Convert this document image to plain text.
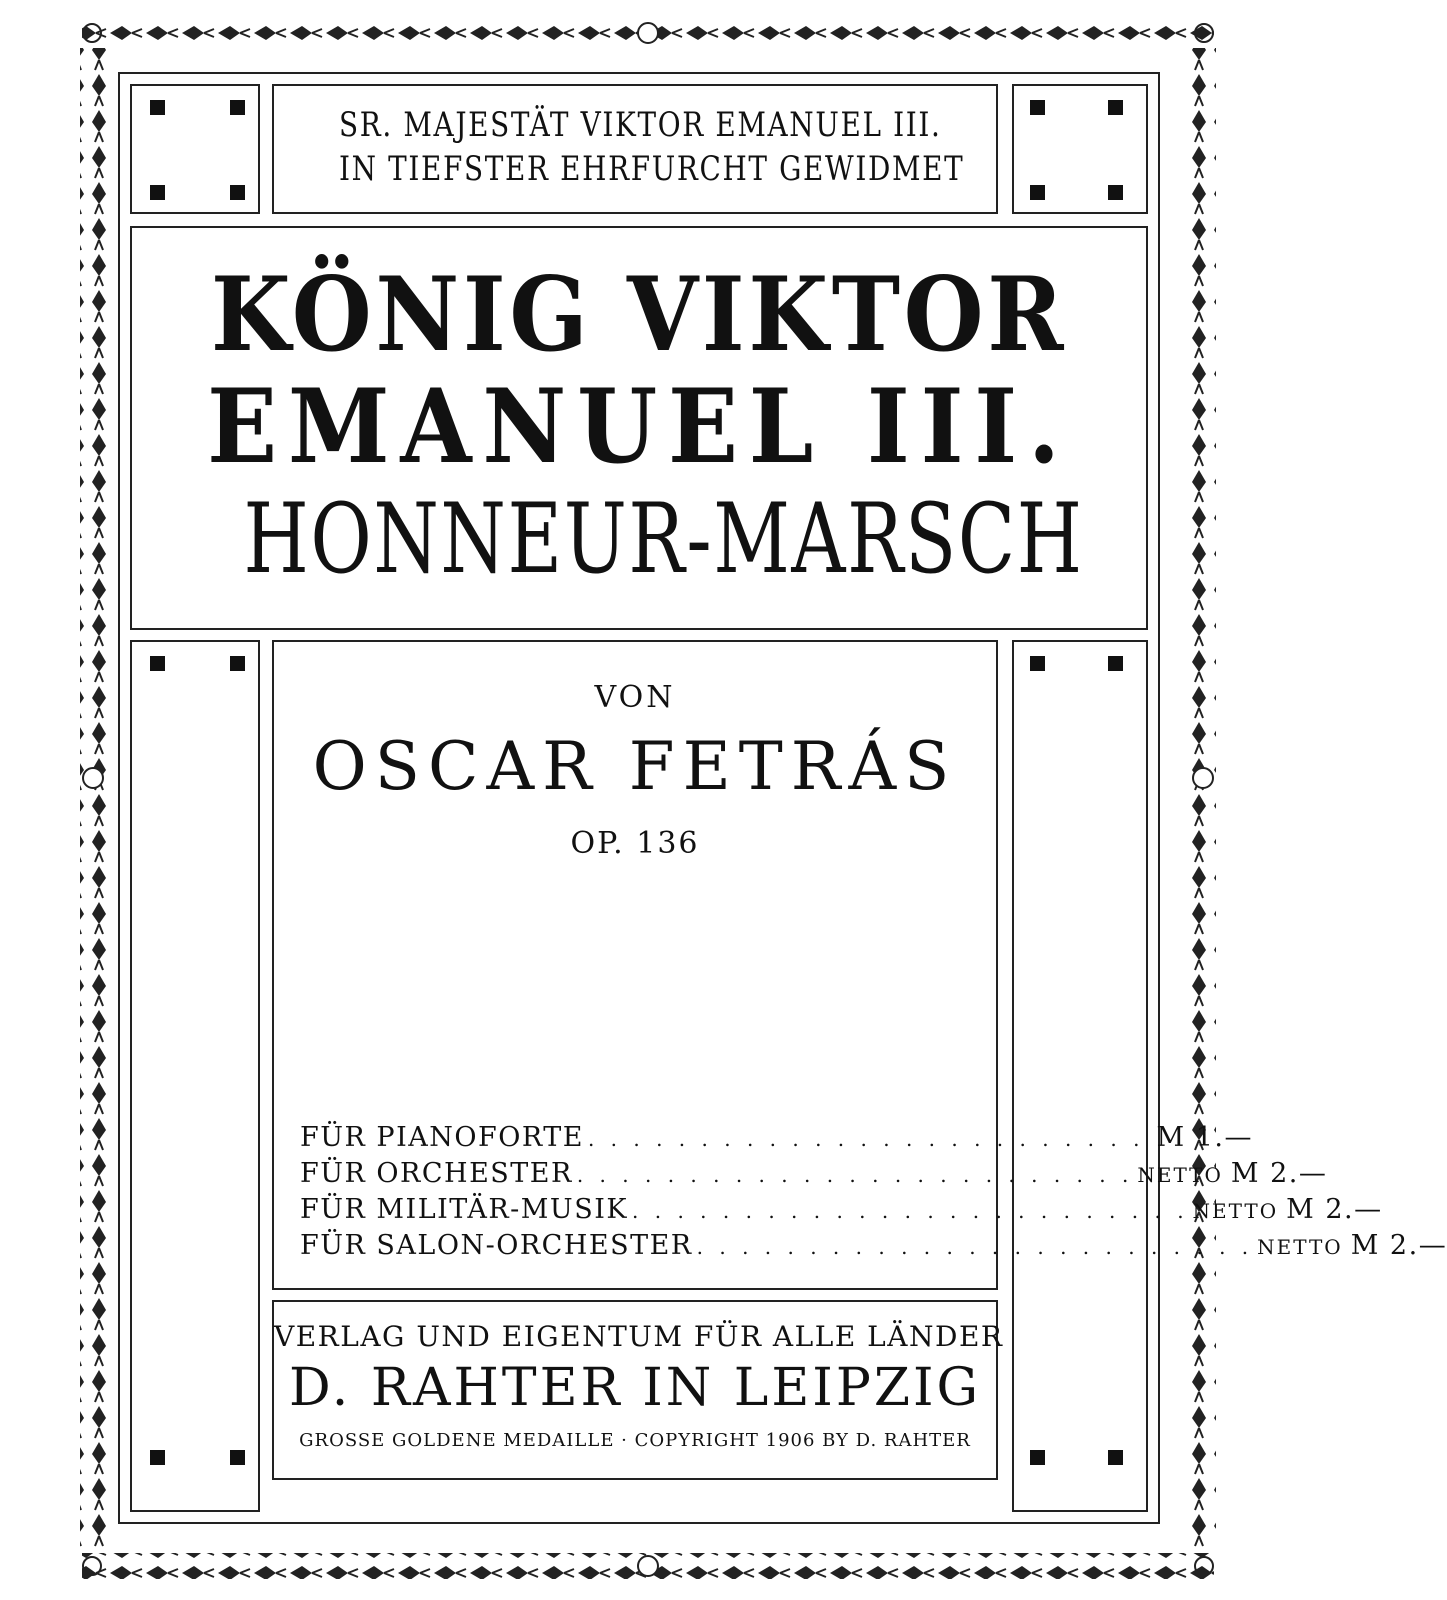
SR. MAJESTÄT VIKTOR EMANUEL III.
IN TIEFSTER EHRFURCHT GEWIDMET
KÖNIG VIKTOR
EMANUEL III.
HONNEUR-MARSCH
VON
OSCAR FETRÁS
OP. 136
FÜR PIANOFORTE . . . . . . . . . . . . . . . . . . . . . . . . . M 1.—
FÜR ORCHESTER . . . . . . . . . . . . . . . . . . . . . . . . . NETTO M 2.—
FÜR MILITÄR-MUSIK . . . . . . . . . . . . . . . . . . . . . . . . . NETTO M 2.—
FÜR SALON-ORCHESTER . . . . . . . . . . . . . . . . . . . . . . . . . NETTO M 2.—
VERLAG UND EIGENTUM FÜR ALLE LÄNDER
D. RAHTER IN LEIPZIG
GROSSE GOLDENE MEDAILLE · COPYRIGHT 1906 BY D. RAHTER
